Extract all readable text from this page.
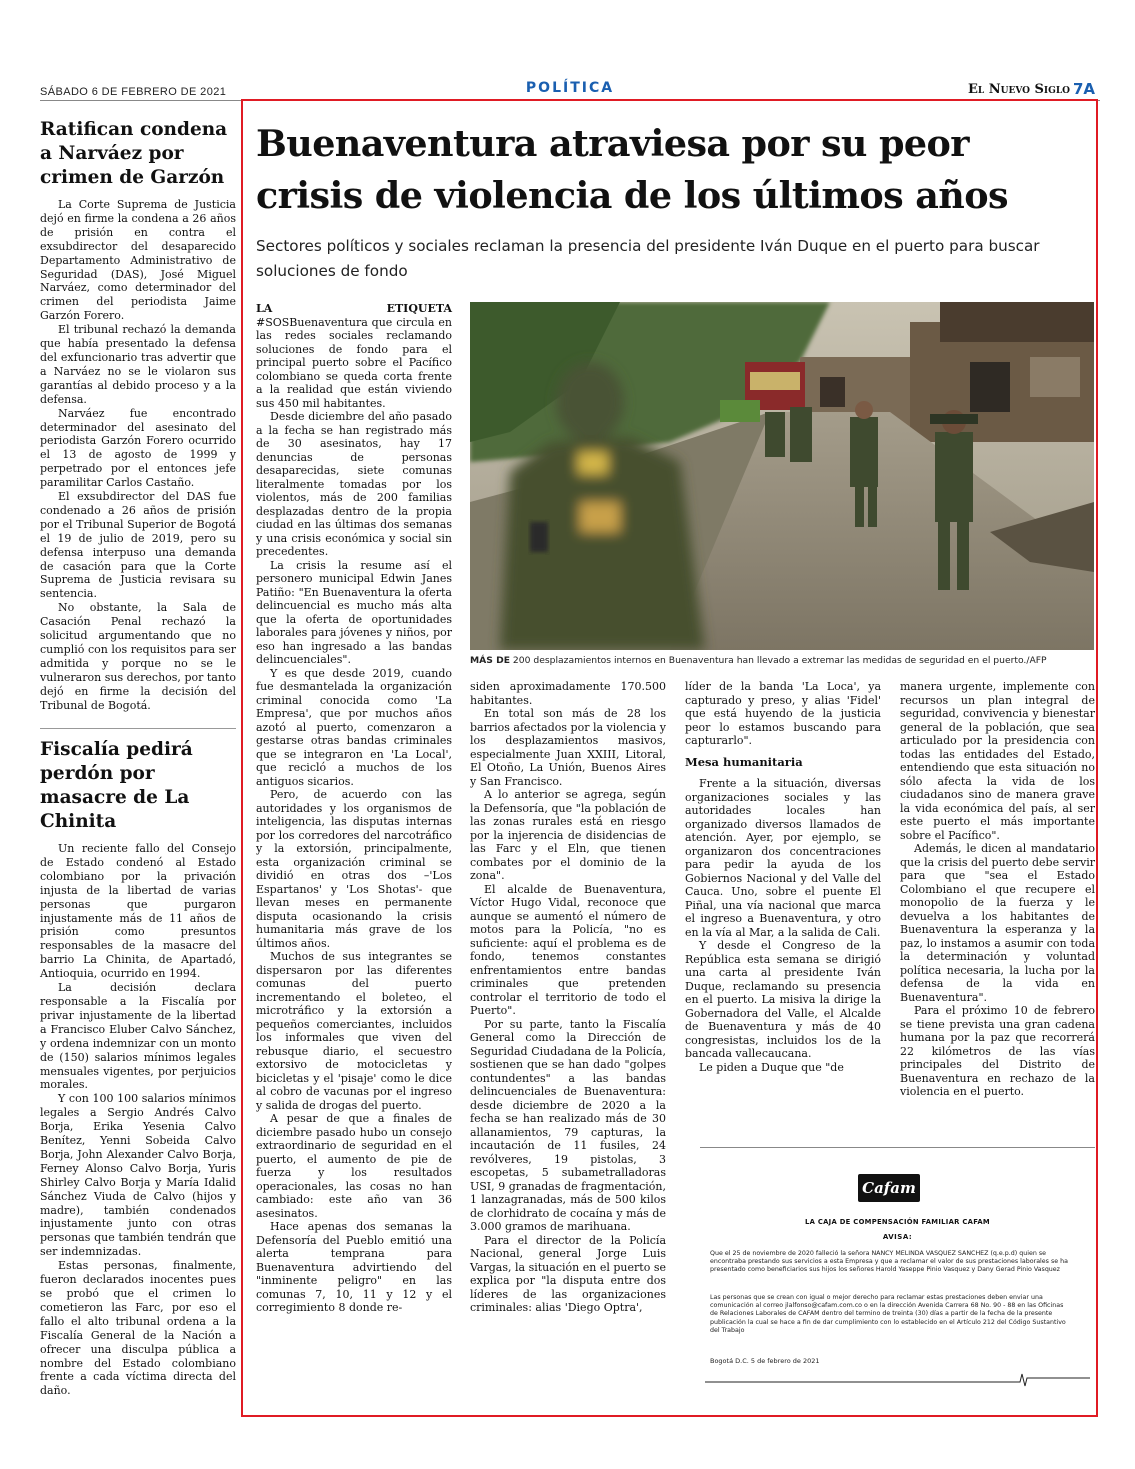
SÁBADO 6 DE FEBRERO DE 2021	POLÍTICA	El Nuevo Siglo 7A
Ratifican condena a Narváez por crimen de Garzón

La Corte Suprema de Justicia dejó en firme la condena a 26 años de prisión en contra el exsubdirector del desaparecido Departamento Administrativo de Seguridad (DAS), José Miguel Narváez, como determinador del crimen del periodista Jaime Garzón Forero.

El tribunal rechazó la demanda que había presentado la defensa del exfuncionario tras advertir que a Narváez no se le violaron sus garantías al debido proceso y a la defensa.

Narváez fue encontrado determinador del asesinato del periodista Garzón Forero ocurrido el 13 de agosto de 1999 y perpetrado por el entonces jefe paramilitar Carlos Castaño.

El exsubdirector del DAS fue condenado a 26 años de prisión por el Tribunal Superior de Bogotá el 19 de julio de 2019, pero su defensa interpuso una demanda de casación para que la Corte Suprema de Justicia revisara su sentencia.

No obstante, la Sala de Casación Penal rechazó la solicitud argumentando que no cumplió con los requisitos para ser admitida y porque no se le vulneraron sus derechos, por tanto dejó en firme la decisión del Tribunal de Bogotá.

Fiscalía pedirá perdón por masacre de La Chinita

Un reciente fallo del Consejo de Estado condenó al Estado colombiano por la privación injusta de la libertad de varias personas que purgaron injustamente más de 11 años de prisión como presuntos responsables de la masacre del barrio La Chinita, de Apartadó, Antioquia, ocurrido en 1994.

La decisión declara responsable a la Fiscalía por privar injustamente de la libertad a Francisco Eluber Calvo Sánchez, y ordena indemnizar con un monto de (150) salarios mínimos legales mensuales vigentes, por perjuicios morales.

Y con 100 100 salarios mínimos legales a Sergio Andrés Calvo Borja, Erika Yesenia Calvo Benítez, Yenni Sobeida Calvo Borja, John Alexander Calvo Borja, Ferney Alonso Calvo Borja, Yuris Shirley Calvo Borja y María Idalid Sánchez Viuda de Calvo (hijos y madre), también condenados injustamente junto con otras personas que también tendrán que ser indemnizadas.

Estas personas, finalmente, fueron declarados inocentes pues se probó que el crimen lo cometieron las Farc, por eso el fallo el alto tribunal ordena a la Fiscalía General de la Nación a ofrecer una disculpa pública a nombre del Estado colombiano frente a cada víctima directa del daño.

Buenaventura atraviesa por su peor crisis de violencia de los últimos años
Sectores políticos y sociales reclaman la presencia del presidente Iván Duque en el puerto para buscar soluciones de fondo

LA ETIQUETA #SOSBuenaventura que circula en las redes sociales reclamando soluciones de fondo para el principal puerto sobre el Pacífico colombiano se queda corta frente a la realidad que están viviendo sus 450 mil habitantes.

Desde diciembre del año pasado a la fecha se han registrado más de 30 asesinatos, hay 17 denuncias de personas desaparecidas, siete comunas literalmente tomadas por los violentos, más de 200 familias desplazadas dentro de la propia ciudad en las últimas dos semanas y una crisis económica y social sin precedentes.

La crisis la resume así el personero municipal Edwin Janes Patiño: "En Buenaventura la oferta delincuencial es mucho más alta que la oferta de oportunidades laborales para jóvenes y niños, por eso han ingresado a las bandas delincuenciales".

Y es que desde 2019, cuando fue desmantelada la organización criminal conocida como 'La Empresa', que por muchos años azotó al puerto, comenzaron a gestarse otras bandas criminales que se integraron en 'La Local', que recicló a muchos de los antiguos sicarios.

Pero, de acuerdo con las autoridades y los organismos de inteligencia, las disputas internas por los corredores del narcotráfico y la extorsión, principalmente, esta organización criminal se dividió en otras dos –'Los Espartanos' y 'Los Shotas'- que llevan meses en permanente disputa ocasionando la crisis humanitaria más grave de los últimos años.

Muchos de sus integrantes se dispersaron por las diferentes comunas del puerto incrementando el boleteo, el microtráfico y la extorsión a pequeños comerciantes, incluidos los informales que viven del rebusque diario, el secuestro extorsivo de motocicletas y bicicletas y el 'pisaje' como le dice al cobro de vacunas por el ingreso y salida de drogas del puerto.

A pesar de que a finales de diciembre pasado hubo un consejo extraordinario de seguridad en el puerto, el aumento de pie de fuerza y los resultados operacionales, las cosas no han cambiado: este año van 36 asesinatos.

Hace apenas dos semanas la Defensoría del Pueblo emitió una alerta temprana para Buenaventura advirtiendo del "inminente peligro" en las comunas 7, 10, 11 y 12 y el corregimiento 8 donde re-

MÁS DE 200 desplazamientos internos en Buenaventura han llevado a extremar las medidas de seguridad en el puerto./AFP

siden aproximadamente 170.500 habitantes.

En total son más de 28 los barrios afectados por la violencia y los desplazamientos masivos, especialmente Juan XXIII, Litoral, El Otoño, La Unión, Buenos Aires y San Francisco.

A lo anterior se agrega, según la Defensoría, que "la población de las zonas rurales está en riesgo por la injerencia de disidencias de las Farc y el Eln, que tienen combates por el dominio de la zona".

El alcalde de Buenaventura, Víctor Hugo Vidal, reconoce que aunque se aumentó el número de motos para la Policía, "no es suficiente: aquí el problema es de fondo, tenemos constantes enfrentamientos entre bandas criminales que pretenden controlar el territorio de todo el Puerto".

Por su parte, tanto la Fiscalía General como la Dirección de Seguridad Ciudadana de la Policía, sostienen que se han dado "golpes contundentes" a las bandas delincuenciales de Buenaventura: desde diciembre de 2020 a la fecha se han realizado más de 30 allanamientos, 79 capturas, la incautación de 11 fusiles, 24 revólveres, 19 pistolas, 3 escopetas, 5 subametralladoras USI, 9 granadas de fragmentación, 1 lanzagranadas, más de 500 kilos de clorhidrato de cocaína y más de 3.000 gramos de marihuana.

Para el director de la Policía Nacional, general Jorge Luis Vargas, la situación en el puerto se explica por "la disputa entre dos líderes de las organizaciones criminales: alias 'Diego Optra',

líder de la banda 'La Loca', ya capturado y preso, y alias 'Fidel' que está huyendo de la justicia peor lo estamos buscando para capturarlo".

Mesa humanitaria

Frente a la situación, diversas organizaciones sociales y las autoridades locales han organizado diversos llamados de atención. Ayer, por ejemplo, se organizaron dos concentraciones para pedir la ayuda de los Gobiernos Nacional y del Valle del Cauca. Uno, sobre el puente El Piñal, una vía nacional que marca el ingreso a Buenaventura, y otro en la vía al Mar, a la salida de Cali.

Y desde el Congreso de la República esta semana se dirigió una carta al presidente Iván Duque, reclamando su presencia en el puerto. La misiva la dirige la Gobernadora del Valle, el Alcalde de Buenaventura y más de 40 congresistas, incluidos los de la bancada vallecaucana.

Le piden a Duque que "de

manera urgente, implemente con recursos un plan integral de seguridad, convivencia y bienestar general de la población, que sea articulado por la presidencia con todas las entidades del Estado, entendiendo que esta situación no sólo afecta la vida de los ciudadanos sino de manera grave la vida económica del país, al ser este puerto el más importante sobre el Pacífico".

Además, le dicen al mandatario que la crisis del puerto debe servir para que "sea el Estado Colombiano el que recupere el monopolio de la fuerza y le devuelva a los habitantes de Buenaventura la esperanza y la paz, lo instamos a asumir con toda la determinación y voluntad política necesaria, la lucha por la defensa de la vida en Buenaventura".

Para el próximo 10 de febrero se tiene prevista una gran cadena humana por la paz que recorrerá 22 kilómetros de las vías principales del Distrito de Buenaventura en rechazo de la violencia en el puerto.

Cafam
LA CAJA DE COMPENSACIÓN FAMILIAR CAFAM
AVISA:
Que el 25 de noviembre de 2020 falleció la señora NANCY MELINDA VASQUEZ SANCHEZ (q.e.p.d) quien se encontraba prestando sus servicios a esta Empresa y que a reclamar el valor de sus prestaciones laborales se ha presentado como beneficiarios sus hijos los señores Harold Yaseppe Pinio Vasquez y Dany Gerad Pinio Vasquez
Las personas que se crean con igual o mejor derecho para reclamar estas prestaciones deben enviar una comunicación al correo jlalfonso@cafam.com.co o en la dirección Avenida Carrera 68 No. 90 - 88 en las Oficinas de Relaciones Laborales de CAFAM dentro del termino de treinta (30) días a partir de la fecha de la presente publicación la cual se hace a fin de dar cumplimiento con lo establecido en el Artículo 212 del Código Sustantivo del Trabajo
Bogotá D.C. 5 de febrero de 2021
